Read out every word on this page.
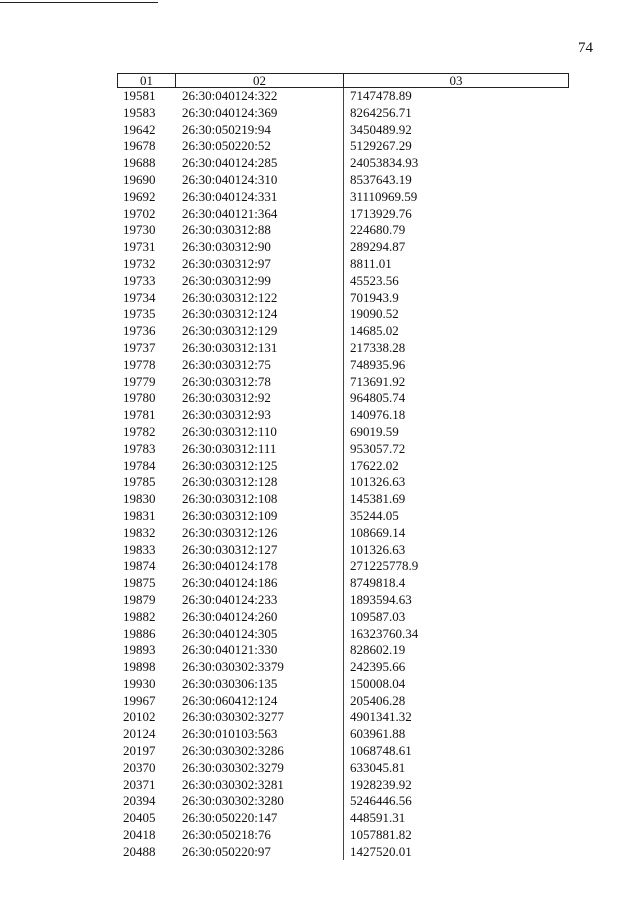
74
01	02	03
19581	26:30:040124:322	7147478.89
19583	26:30:040124:369	8264256.71
19642	26:30:050219:94	3450489.92
19678	26:30:050220:52	5129267.29
19688	26:30:040124:285	24053834.93
19690	26:30:040124:310	8537643.19
19692	26:30:040124:331	31110969.59
19702	26:30:040121:364	1713929.76
19730	26:30:030312:88	224680.79
19731	26:30:030312:90	289294.87
19732	26:30:030312:97	8811.01
19733	26:30:030312:99	45523.56
19734	26:30:030312:122	701943.9
19735	26:30:030312:124	19090.52
19736	26:30:030312:129	14685.02
19737	26:30:030312:131	217338.28
19778	26:30:030312:75	748935.96
19779	26:30:030312:78	713691.92
19780	26:30:030312:92	964805.74
19781	26:30:030312:93	140976.18
19782	26:30:030312:110	69019.59
19783	26:30:030312:111	953057.72
19784	26:30:030312:125	17622.02
19785	26:30:030312:128	101326.63
19830	26:30:030312:108	145381.69
19831	26:30:030312:109	35244.05
19832	26:30:030312:126	108669.14
19833	26:30:030312:127	101326.63
19874	26:30:040124:178	271225778.9
19875	26:30:040124:186	8749818.4
19879	26:30:040124:233	1893594.63
19882	26:30:040124:260	109587.03
19886	26:30:040124:305	16323760.34
19893	26:30:040121:330	828602.19
19898	26:30:030302:3379	242395.66
19930	26:30:030306:135	150008.04
19967	26:30:060412:124	205406.28
20102	26:30:030302:3277	4901341.32
20124	26:30:010103:563	603961.88
20197	26:30:030302:3286	1068748.61
20370	26:30:030302:3279	633045.81
20371	26:30:030302:3281	1928239.92
20394	26:30:030302:3280	5246446.56
20405	26:30:050220:147	448591.31
20418	26:30:050218:76	1057881.82
20488	26:30:050220:97	1427520.01
